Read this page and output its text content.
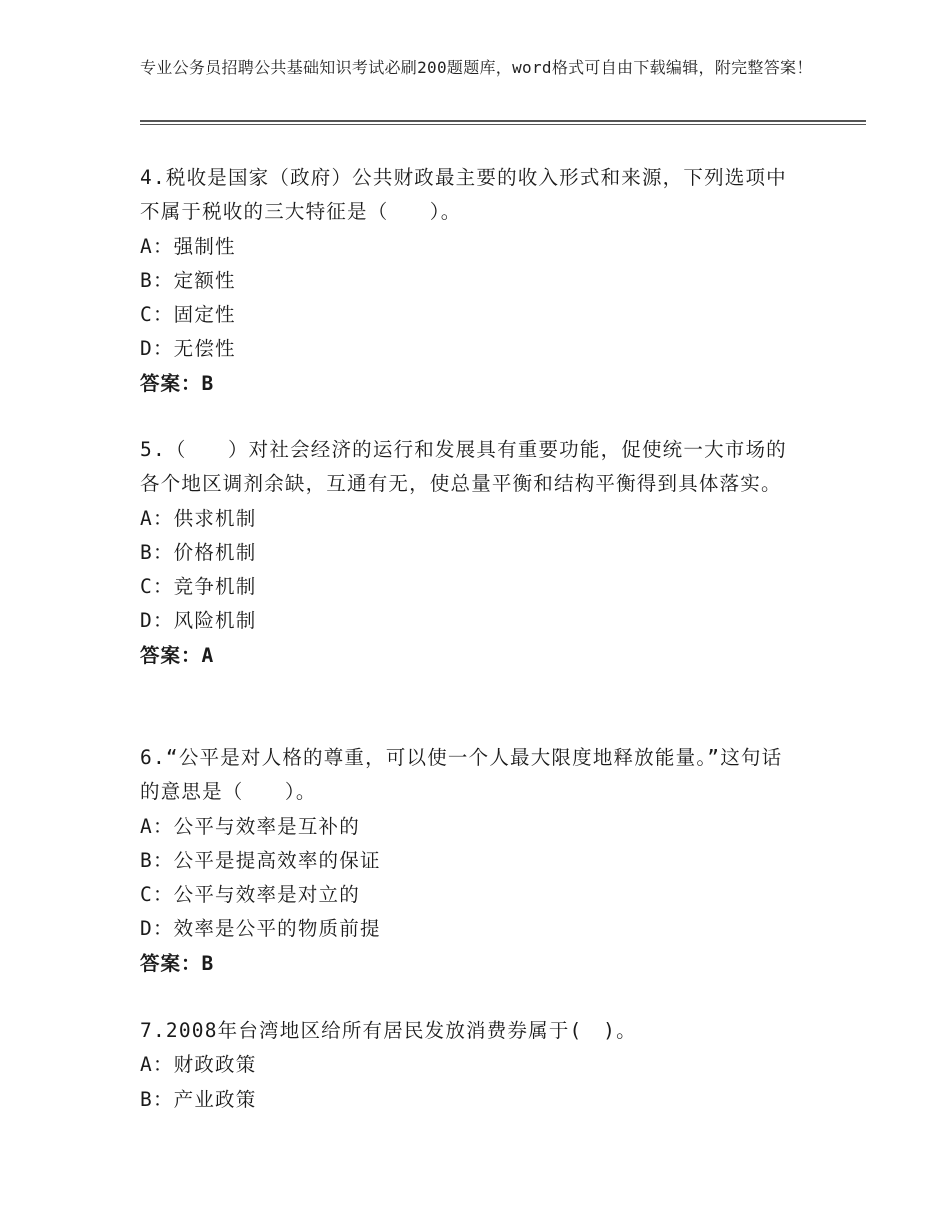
专业公务员招聘公共基础知识考试必刷200题题库，word格式可自由下载编辑，附完整答案！

4.税收是国家（政府）公共财政最主要的收入形式和来源，下列选项中不属于税收的三大特征是（　　）。

A：强制性

B：定额性

C：固定性

D：无偿性

答案：B

5.（　　）对社会经济的运行和发展具有重要功能，促使统一大市场的各个地区调剂余缺，互通有无，使总量平衡和结构平衡得到具体落实。

A：供求机制

B：价格机制

C：竞争机制

D：风险机制

答案：A

6.“公平是对人格的尊重，可以使一个人最大限度地释放能量。”这句话的意思是（　　）。

A：公平与效率是互补的

B：公平是提高效率的保证

C：公平与效率是对立的

D：效率是公平的物质前提

答案：B

7.2008年台湾地区给所有居民发放消费券属于(　)。

A：财政政策

B：产业政策
